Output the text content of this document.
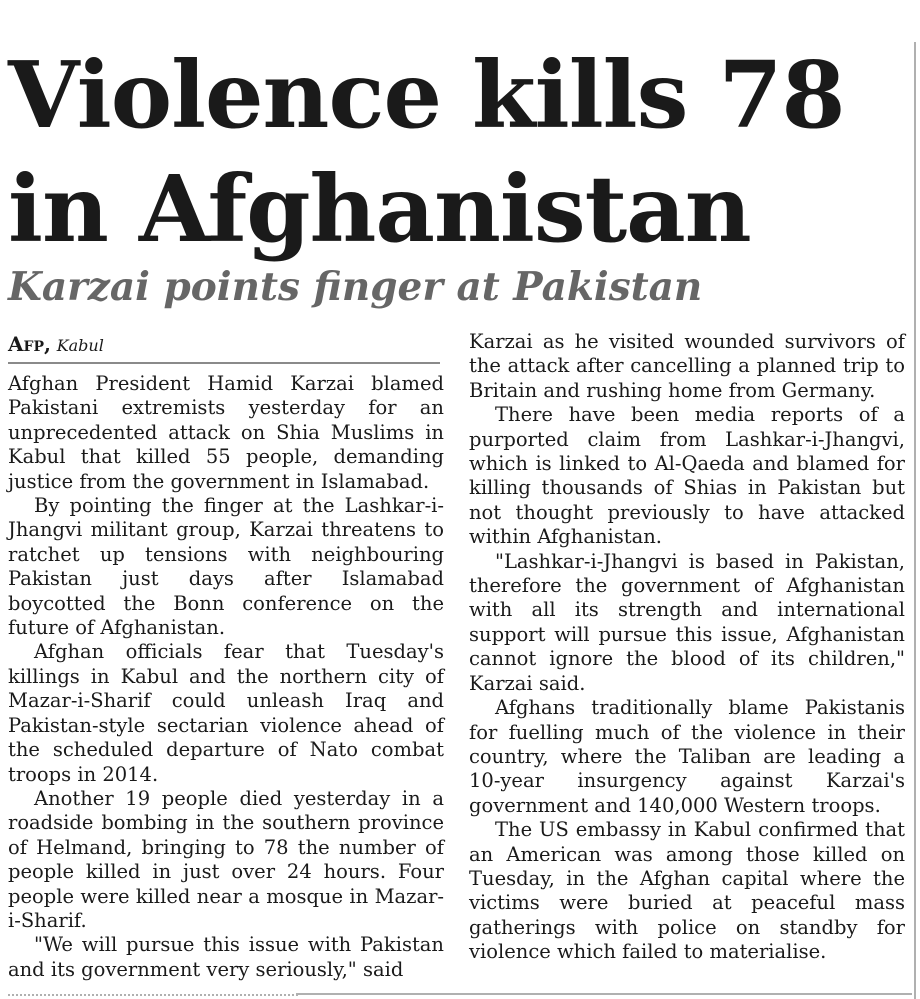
Violence kills 78 in Afghanistan
Karzai points finger at Pakistan
Afp, Kabul

Afghan President Hamid Karzai blamed Pakistani extremists yesterday for an unprecedented attack on Shia Muslims in Kabul that killed 55 people, demanding justice from the government in Islamabad.

By pointing the finger at the Lashkar-i-Jhangvi militant group, Karzai threatens to ratchet up tensions with neighbouring Pakistan just days after Islamabad boycotted the Bonn conference on the future of Afghanistan.

Afghan officials fear that Tuesday's killings in Kabul and the northern city of Mazar-i-Sharif could unleash Iraq and Pakistan-style sectarian violence ahead of the scheduled departure of Nato combat troops in 2014.

Another 19 people died yesterday in a roadside bombing in the southern province of Helmand, bringing to 78 the number of people killed in just over 24 hours. Four people were killed near a mosque in Mazar-i-Sharif.

"We will pursue this issue with Pakistan and its government very seriously," said

Karzai as he visited wounded survivors of the attack after cancelling a planned trip to Britain and rushing home from Germany.

There have been media reports of a purported claim from Lashkar-i-Jhangvi, which is linked to Al-Qaeda and blamed for killing thousands of Shias in Pakistan but not thought previously to have attacked within Afghanistan.

"Lashkar-i-Jhangvi is based in Pakistan, therefore the government of Afghanistan with all its strength and international support will pursue this issue, Afghanistan cannot ignore the blood of its children," Karzai said.

Afghans traditionally blame Pakistanis for fuelling much of the violence in their country, where the Taliban are leading a 10-year insurgency against Karzai's government and 140,000 Western troops.

The US embassy in Kabul confirmed that an American was among those killed on Tuesday, in the Afghan capital where the victims were buried at peaceful mass gatherings with police on standby for violence which failed to materialise.
